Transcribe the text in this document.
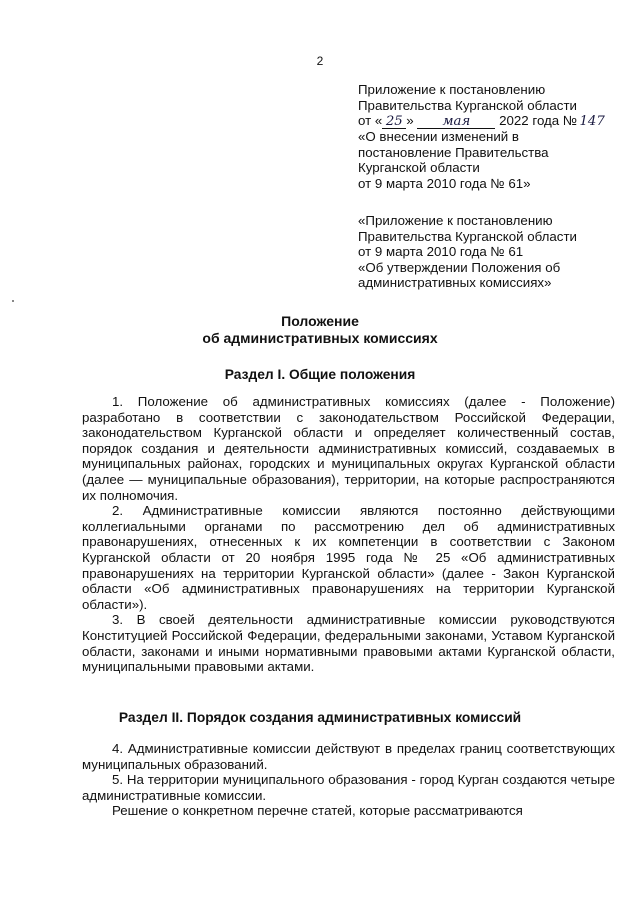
2
Приложение к постановлению
Правительства Курганской области
от « 25 » мая 2022 года № 147
«О внесении изменений в
постановление Правительства
Курганской области
от 9 марта 2010 года № 61»
«Приложение к постановлению
Правительства Курганской области
от 9 марта 2010 года № 61
«Об утверждении Положения об
административных комиссиях»
Положение
об административных комиссиях
Раздел I. Общие положения

1. Положение об административных комиссиях (далее - Положение) разработано в соответствии с законодательством Российской Федерации, законодательством Курганской области и определяет количественный состав, порядок создания и деятельности административных комиссий, создаваемых в муниципальных районах, городских и муниципальных округах Курганской области (далее — муниципальные образования), территории, на которые распространяются их полномочия.

2. Административные комиссии являются постоянно действующими коллегиальными органами по рассмотрению дел об административных правонарушениях, отнесенных к их компетенции в соответствии с Законом Курганской области от 20 ноября 1995 года № 25 «Об административных правонарушениях на территории Курганской области» (далее - Закон Курганской области «Об административных правонарушениях на территории Курганской области»).

3. В своей деятельности административные комиссии руководствуются Конституцией Российской Федерации, федеральными законами, Уставом Курганской области, законами и иными нормативными правовыми актами Курганской области, муниципальными правовыми актами.

Раздел II. Порядок создания административных комиссий

4. Административные комиссии действуют в пределах границ соответствующих муниципальных образований.

5. На территории муниципального образования - город Курган создаются четыре административные комиссии.

Решение о конкретном перечне статей, которые рассматриваются
